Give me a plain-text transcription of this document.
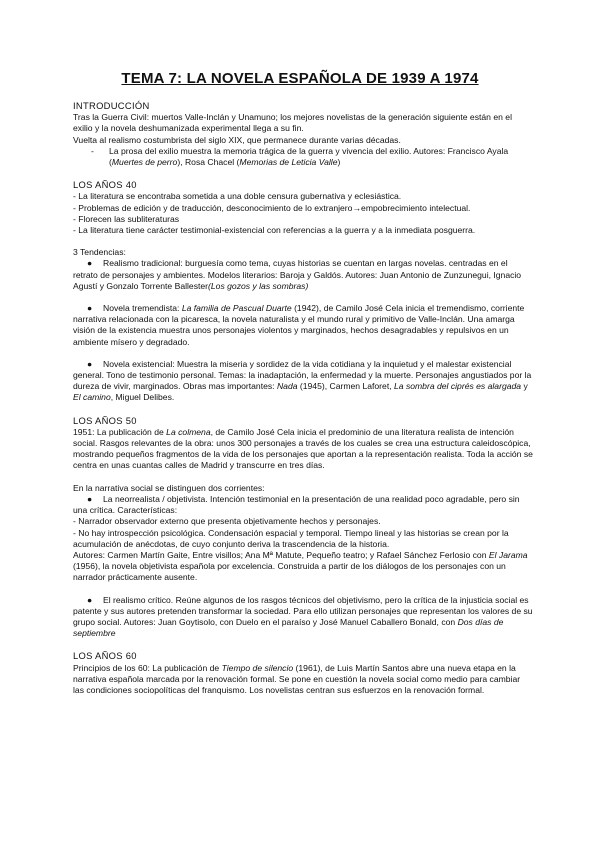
TEMA 7: LA NOVELA ESPAÑOLA DE 1939 A 1974

INTRODUCCIÓN

Tras la Guerra Civil: muertos Valle-Inclán y Unamuno; los mejores novelistas de la generación siguiente están en el exilio y la novela deshumanizada experimental llega a su fin.

Vuelta al realismo costumbrista del siglo XIX, que permanece durante varias décadas.

- La prosa del exilio muestra la memoria trágica de la guerra y vivencia del exilio. Autores: Francisco Ayala (Muertes de perro), Rosa Chacel (Memorias de Leticia Valle)

LOS AÑOS 40

- La literatura se encontraba sometida a una doble censura gubernativa y eclesiástica.

- Problemas de edición y de traducción, desconocimiento de lo extranjero→empobrecimiento intelectual.

- Florecen las subliteraturas

- La literatura tiene carácter testimonial-existencial con referencias a la guerra y a la inmediata posguerra.

3 Tendencias:

● Realismo tradicional: burguesía como tema, cuyas historias se cuentan en largas novelas. centradas en el retrato de personajes y ambientes. Modelos literarios: Baroja y Galdós. Autores: Juan Antonio de Zunzunegui, Ignacio Agustí y Gonzalo Torrente Ballester(Los gozos y las sombras)

● Novela tremendista: La familia de Pascual Duarte (1942), de Camilo José Cela inicia el tremendismo, corriente narrativa relacionada con la picaresca, la novela naturalista y el mundo rural y primitivo de Valle-Inclán. Una amarga visión de la existencia muestra unos personajes violentos y marginados, hechos desagradables y repulsivos en un ambiente mísero y degradado.

● Novela existencial: Muestra la miseria y sordidez de la vida cotidiana y la inquietud y el malestar existencial general. Tono de testimonio personal. Temas: la inadaptación, la enfermedad y la muerte. Personajes angustiados por la dureza de vivir, marginados. Obras mas importantes: Nada (1945), Carmen Laforet, La sombra del ciprés es alargada y El camino, Miguel Delibes.

LOS AÑOS 50

1951: La publicación de La colmena, de Camilo José Cela inicia el predominio de una literatura realista de intención social. Rasgos relevantes de la obra: unos 300 personajes a través de los cuales se crea una estructura caleidoscópica, mostrando pequeños fragmentos de la vida de los personajes que aportan a la representación realista. Toda la acción se centra en unas cuantas calles de Madrid y transcurre en tres días.

En la narrativa social se distinguen dos corrientes:

● La neorrealista / objetivista. Intención testimonial en la presentación de una realidad poco agradable, pero sin una crítica. Características:

- Narrador observador externo que presenta objetivamente hechos y personajes.

- No hay introspección psicológica. Condensación espacial y temporal. Tiempo lineal y las historias se crean por la acumulación de anécdotas, de cuyo conjunto deriva la trascendencia de la historia.

Autores: Carmen Martín Gaite, Entre visillos; Ana Mª Matute, Pequeño teatro; y Rafael Sánchez Ferlosio con El Jarama (1956), la novela objetivista española por excelencia. Construida a partir de los diálogos de los personajes con un narrador prácticamente ausente.

● El realismo crítico. Reúne algunos de los rasgos técnicos del objetivismo, pero la crítica de la injusticia social es patente y sus autores pretenden transformar la sociedad. Para ello utilizan personajes que representan los valores de su grupo social. Autores: Juan Goytisolo, con Duelo en el paraíso y José Manuel Caballero Bonald, con Dos días de septiembre

LOS AÑOS 60

Principios de los 60: La publicación de Tiempo de silencio (1961), de Luis Martín Santos abre una nueva etapa en la narrativa española marcada por la renovación formal. Se pone en cuestión la novela social como medio para cambiar las condiciones sociopolíticas del franquismo. Los novelistas centran sus esfuerzos en la renovación formal.
